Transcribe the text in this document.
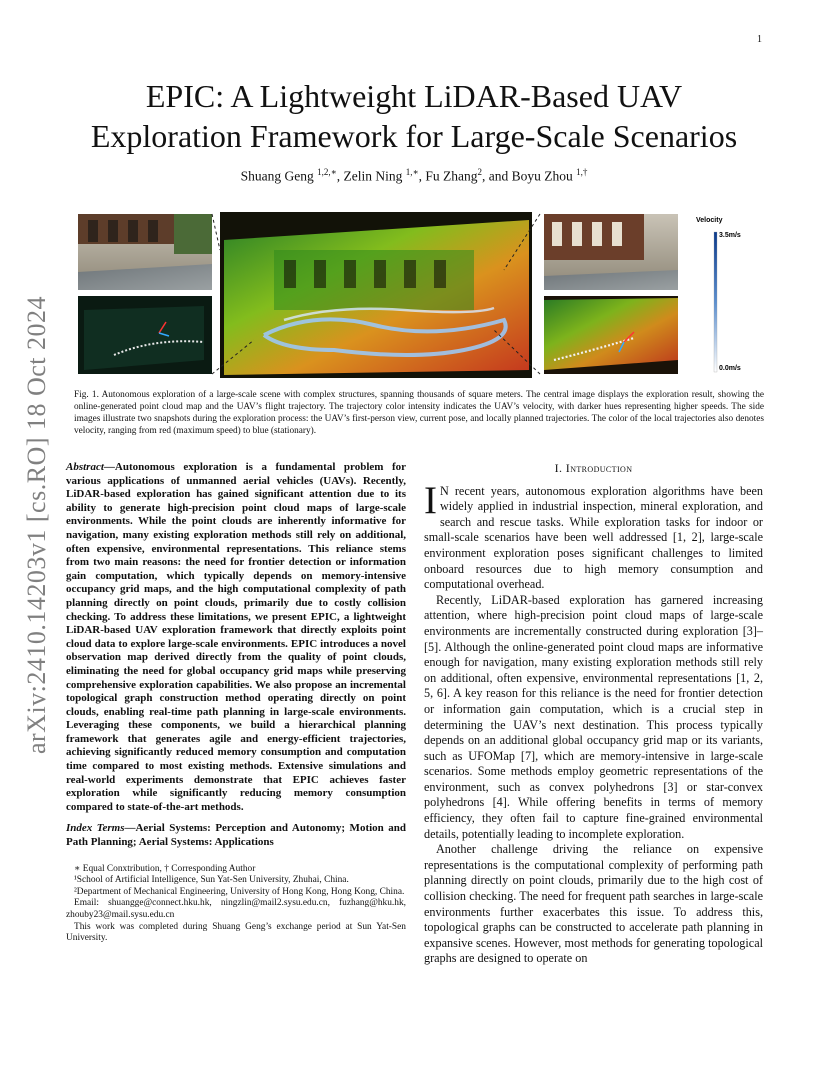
1
arXiv:2410.14203v1 [cs.RO] 18 Oct 2024
EPIC: A Lightweight LiDAR-Based UAV
Exploration Framework for Large-Scale Scenarios
Shuang Geng $^{1,2,∗}$, Zelin Ning $^{1,∗}$, Fu Zhang$^2$, and Boyu Zhou $^{1,\dagger}$
Velocity
3.5m/s
0.0m/s
Fig. 1. Autonomous exploration of a large-scale scene with complex structures, spanning thousands of square meters. The central image displays the exploration result, showing the online-generated point cloud map and the UAV’s flight trajectory. The trajectory color intensity indicates the UAV’s velocity, with darker hues representing higher speeds. The side images illustrate two snapshots during the exploration process: the UAV’s first-person view, current pose, and locally planned trajectories. The color of the local trajectories also denotes velocity, ranging from red (maximum speed) to blue (stationary).
Abstract—Autonomous exploration is a fundamental problem for various applications of unmanned aerial vehicles (UAVs). Recently, LiDAR-based exploration has gained significant attention due to its ability to generate high-precision point cloud maps of large-scale environments. While the point clouds are inherently informative for navigation, many existing exploration methods still rely on additional, often expensive, environmental representations. This reliance stems from two main reasons: the need for frontier detection or information gain computation, which typically depends on memory-intensive occupancy grid maps, and the high computational complexity of path planning directly on point clouds, primarily due to costly collision checking. To address these limitations, we present EPIC, a lightweight LiDAR-based UAV exploration framework that directly exploits point cloud data to explore large-scale environments. EPIC introduces a novel observation map derived directly from the quality of point clouds, eliminating the need for global occupancy grid maps while preserving comprehensive exploration capabilities. We also propose an incremental topological graph construction method operating directly on point clouds, enabling real-time path planning in large-scale environments. Leveraging these components, we build a hierarchical planning framework that generates agile and energy-efficient trajectories, achieving significantly reduced memory consumption and computation time compared to most existing methods. Extensive simulations and real-world experiments demonstrate that EPIC achieves faster exploration while significantly reducing memory consumption compared to state-of-the-art methods.
Index Terms—Aerial Systems: Perception and Autonomy; Motion and Path Planning; Aerial Systems: Applications

∗ Equal Conxtribution, † Corresponding Author

¹School of Artificial Intelligence, Sun Yat-Sen University, Zhuhai, China.

²Department of Mechanical Engineering, University of Hong Kong, Hong Kong, China.

Email: shuangge@connect.hku.hk, ningzlin@mail2.sysu.edu.cn, fuzhang@hku.hk, zhouby23@mail.sysu.edu.cn

This work was completed during Shuang Geng’s exchange period at Sun Yat-Sen University.

I. Introduction

I N recent years, autonomous exploration algorithms have been widely applied in industrial inspection, mineral exploration, and search and rescue tasks. While exploration tasks for indoor or small-scale scenarios have been well addressed [1, 2], large-scale environment exploration poses significant challenges to limited onboard resources due to high memory consumption and computational overhead.

Recently, LiDAR-based exploration has garnered increasing attention, where high-precision point cloud maps of large-scale environments are incrementally constructed during exploration [3]–[5]. Although the online-generated point cloud maps are informative enough for navigation, many existing exploration methods still rely on additional, often expensive, environmental representations [1, 2, 5, 6]. A key reason for this reliance is the need for frontier detection or information gain computation, which is a crucial step in determining the UAV’s next destination. This process typically depends on an additional global occupancy grid map or its variants, such as UFOMap [7], which are memory-intensive in large-scale scenarios. Some methods employ geometric representations of the environment, such as convex polyhedrons [3] or star-convex polyhedrons [4]. While offering benefits in terms of memory efficiency, they often fail to capture fine-grained environmental details, potentially leading to incomplete exploration.

Another challenge driving the reliance on expensive representations is the computational complexity of performing path planning directly on point clouds, primarily due to the high cost of collision checking. The need for frequent path searches in large-scale environments further exacerbates this issue. To address this, topological graphs can be constructed to accelerate path planning in expansive scenes. However, most methods for generating topological graphs are designed to operate on
